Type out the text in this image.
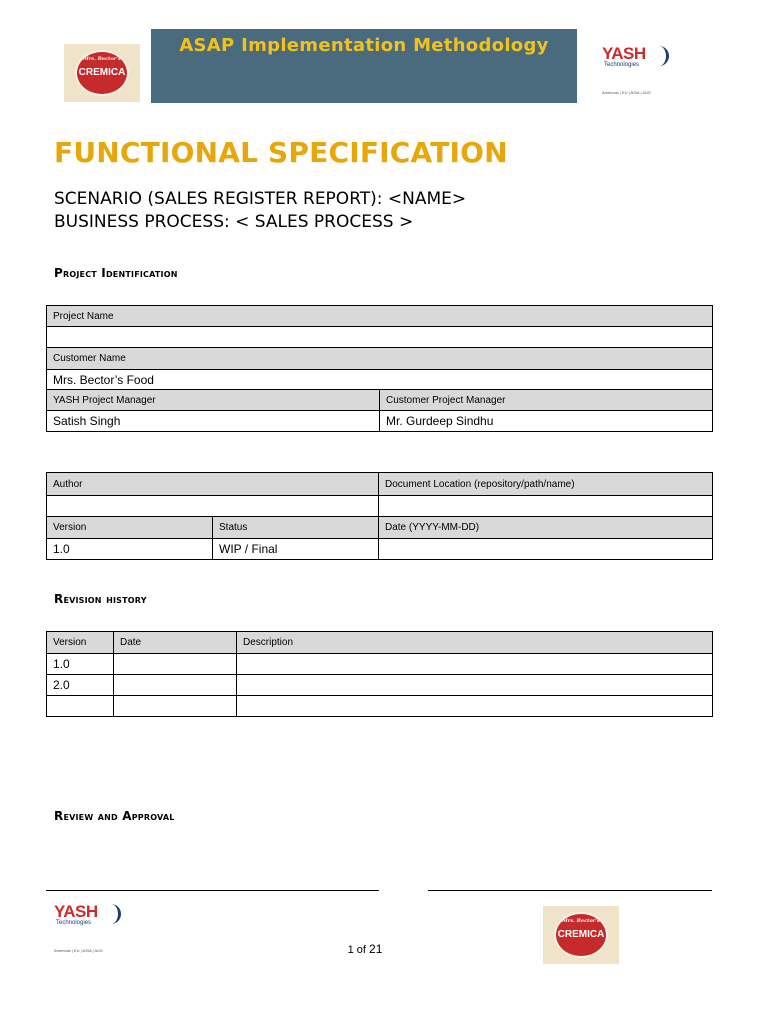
Mrs. Bector's
CREMICA
ASAP Implementation Methodology	YASH
Technologies
Americas | EU | ASIA | AUS
FUNCTIONAL SPECIFICATION
SCENARIO (SALES REGISTER REPORT): <NAME>
BUSINESS PROCESS: < SALES PROCESS >
Project Identification
Project Name	

Customer Name	
Mrs. Bector’s Food	
YASH Project Manager	Customer Project Manager
Satish Singh	Mr. Gurdeep Sindhu
Author		Document Location (repository/path/name)

Version	Status	Date (YYYY-MM-DD)
1.0	WIP / Final	
Revision history
Version	Date	Description
1.0		
2.0		

Review and Approval
YASH
Technologies
Americas | EU | ASIA | AUS	1 of 21
Mrs. Bector's
CREMICA
